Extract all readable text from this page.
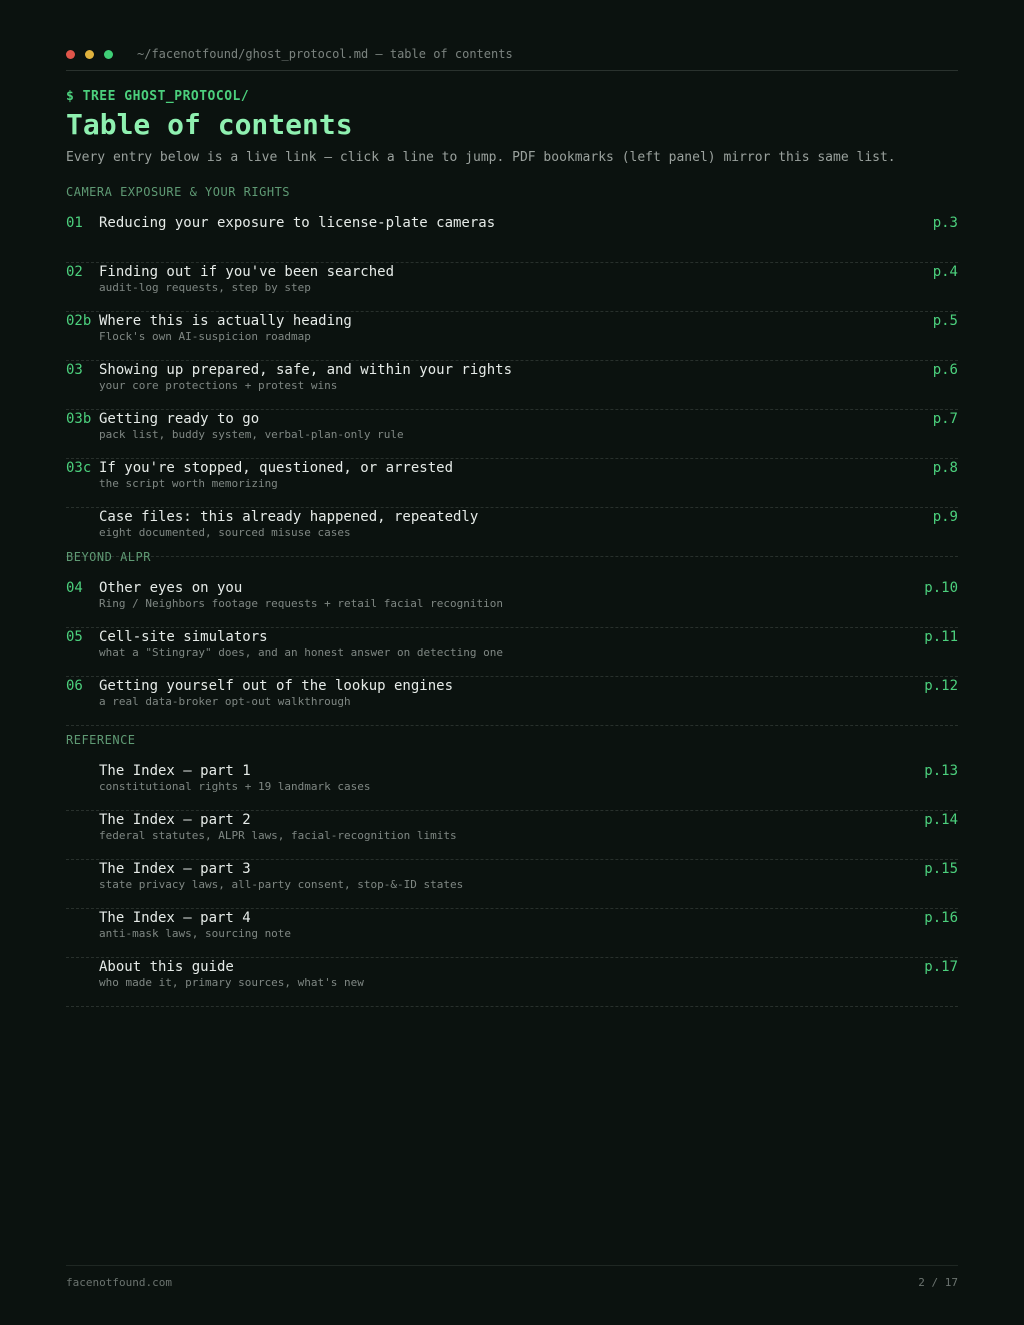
~/facenotfound/ghost_protocol.md — table of contents
$ TREE GHOST_PROTOCOL/
Table of contents
Every entry below is a live link — click a line to jump. PDF bookmarks (left panel) mirror this same list.
CAMERA EXPOSURE & YOUR RIGHTS
01 Reducing your exposure to license-plate cameras	p.3
02 Finding out if you've been searched
audit-log requests, step by step
p.4
02b Where this is actually heading
Flock's own AI-suspicion roadmap
p.5
03 Showing up prepared, safe, and within your rights
your core protections + protest wins
p.6
03b Getting ready to go
pack list, buddy system, verbal-plan-only rule
p.7
03c If you're stopped, questioned, or arrested
the script worth memorizing
p.8
Case files: this already happened, repeatedly
eight documented, sourced misuse cases
p.9
BEYOND ALPR
04 Other eyes on you
Ring / Neighbors footage requests + retail facial recognition
p.10
05 Cell-site simulators
what a "Stingray" does, and an honest answer on detecting one
p.11
06 Getting yourself out of the lookup engines
a real data-broker opt-out walkthrough
p.12
REFERENCE
The Index — part 1
constitutional rights + 19 landmark cases
p.13
The Index — part 2
federal statutes, ALPR laws, facial-recognition limits
p.14
The Index — part 3
state privacy laws, all-party consent, stop-&-ID states
p.15
The Index — part 4
anti-mask laws, sourcing note
p.16
About this guide
who made it, primary sources, what's new
p.17
facenotfound.com	2 / 17
